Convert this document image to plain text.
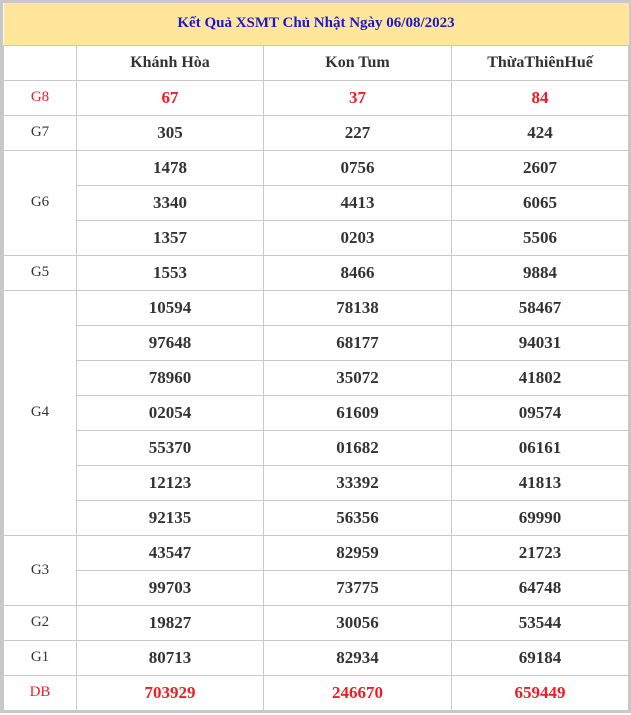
Kết Quả XSMT Chủ Nhật Ngày 06/08/2023			
	Khánh Hòa	Kon Tum	ThừaThiênHuế
G8	67	37	84
G7	305	227	424
G6	1478	0756	2607
	3340	4413	6065
	1357	0203	5506
G5	1553	8466	9884
G4	10594	78138	58467
	97648	68177	94031
	78960	35072	41802
	02054	61609	09574
	55370	01682	06161
	12123	33392	41813
	92135	56356	69990
G3	43547	82959	21723
	99703	73775	64748
G2	19827	30056	53544
G1	80713	82934	69184
DB	703929	246670	659449
